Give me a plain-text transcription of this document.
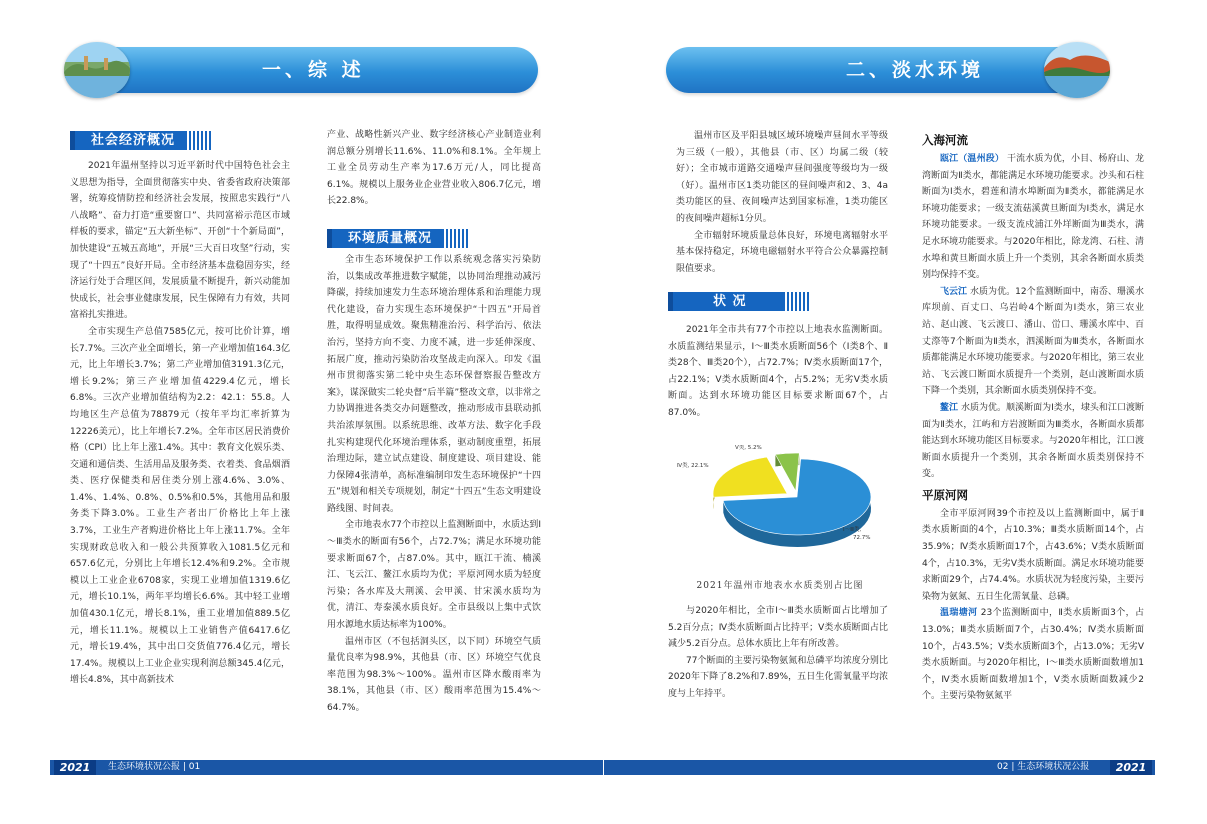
一、综 述
社会经济概况

2021年温州坚持以习近平新时代中国特色社会主义思想为指导，全面贯彻落实中央、省委省政府决策部署，统筹疫情防控和经济社会发展，按照忠实践行“八八战略”、奋力打造“重要窗口”、共同富裕示范区市域样板的要求，锚定“五大新坐标”、开创“十个新局面”，加快建设“五城五高地”，开展“三大百日攻坚”行动，实现了“十四五”良好开局。全市经济基本盘稳固夯实，经济运行处于合理区间，发展质量不断提升，新兴动能加快成长，社会事业健康发展，民生保障有力有效，共同富裕扎实推进。

全市实现生产总值7585亿元，按可比价计算，增长7.7%。三次产业全面增长，第一产业增加值164.3亿元，比上年增长3.7%；第二产业增加值3191.3亿元，增长9.2%；第三产业增加值4229.4亿元，增长6.8%。三次产业增加值结构为2.2：42.1：55.8。人均地区生产总值为78879元（按年平均汇率折算为12226美元），比上年增长7.2%。全年市区居民消费价格（CPI）比上年上涨1.4%。其中：教育文化娱乐类、交通和通信类、生活用品及服务类、衣着类、食品烟酒类、医疗保健类和居住类分别上涨4.6%、3.0%、1.4%、1.4%、0.8%、0.5%和0.5%，其他用品和服务类下降3.0%。工业生产者出厂价格比上年上涨3.7%，工业生产者购进价格比上年上涨11.7%。全年实现财政总收入和一般公共预算收入1081.5亿元和657.6亿元，分别比上年增长12.4%和9.2%。全市规模以上工业企业6708家，实现工业增加值1319.6亿元，增长10.1%，两年平均增长6.6%。其中轻工业增加值430.1亿元，增长8.1%，重工业增加值889.5亿元，增长11.1%。规模以上工业销售产值6417.6亿元，增长19.4%，其中出口交货值776.4亿元，增长17.4%。规模以上工业企业实现利润总额345.4亿元，增长4.8%，其中高新技术

产业、战略性新兴产业、数字经济核心产业制造业利润总额分别增长11.6%、11.0%和8.1%。全年规上工业全员劳动生产率为17.6万元/人，同比提高6.1%。规模以上服务业企业营业收入806.7亿元，增长22.8%。

全市生态环境保护工作以系统观念落实污染防治，以集成改革推进数字赋能，以协同治理推动减污降碳，持续加速发力生态环境治理体系和治理能力现代化建设，奋力实现生态环境保护“十四五”开局首胜，取得明显成效。聚焦精准治污、科学治污、依法治污，坚持方向不变、力度不减，进一步延伸深度、拓展广度，推动污染防治攻坚战走向深入。印发《温州市贯彻落实第二轮中央生态环保督察报告整改方案》，谋深做实二轮央督“后半篇”整改文章，以非常之力协调推进各类交办问题整改，推动形成市县联动抓共治浓厚氛围。以系统思维、改革方法、数字化手段扎实构建现代化环境治理体系，驱动制度重塑，拓展治理边际，建立试点建设、制度建设、项目建设、能力保障4张清单，高标准编制印发生态环境保护“十四五”规划和相关专项规划，制定“十四五”生态文明建设路线图、时间表。

全市地表水77个市控以上监测断面中，水质达到Ⅰ～Ⅲ类水的断面有56个，占72.7%；满足水环境功能要求断面67个，占87.0%。其中，瓯江干流、楠溪江、飞云江、鳌江水质均为优；平原河网水质为轻度污染；各水库及大荆溪、会甲溪、甘宋溪水质均为优，清江、寿泰溪水质良好。全市县级以上集中式饮用水源地水质达标率为100%。

温州市区（不包括洞头区，以下同）环境空气质量优良率为98.9%，其他县（市、区）环境空气优良率范围为98.3%～100%。温州市区降水酸雨率为38.1%，其他县（市、区）酸雨率范围为15.4%～64.7%。

环境质量概况
2021	生态环境状况公报 | 01
二、淡水环境

温州市区及平阳县城区域环境噪声昼间水平等级为三级（一般），其他县（市、区）均属二级（较好）；全市城市道路交通噪声昼间强度等级均为一级（好）。温州市区1类功能区的昼间噪声和2、3、4a类功能区的昼、夜间噪声达到国家标准，1类功能区的夜间噪声超标1分贝。

全市辐射环境质量总体良好，环境电离辐射水平基本保持稳定，环境电磁辐射水平符合公众暴露控制限值要求。

状 况

2021年全市共有77个市控以上地表水监测断面。水质监测结果显示，Ⅰ～Ⅲ类水质断面56个（Ⅰ类8个、Ⅱ类28个、Ⅲ类20个），占72.7%；Ⅳ类水质断面17个，占22.1%；Ⅴ类水质断面4个，占5.2%；无劣Ⅴ类水质断面。达到水环境功能区目标要求断面67个，占87.0%。

与2020年相比，全市Ⅰ～Ⅲ类水质断面占比增加了5.2百分点；Ⅳ类水质断面占比持平；Ⅴ类水质断面占比减少5.2百分点。总体水质比上年有所改善。

77个断面的主要污染物氨氮和总磷平均浓度分别比2020年下降了8.2%和7.89%，五日生化需氧量平均浓度与上年持平。

入海河流

瓯江（温州段） 干流水质为优，小目、杨府山、龙湾断面为Ⅱ类水，都能满足水环境功能要求。沙头和石柱断面为Ⅰ类水，碧莲和清水埠断面为Ⅱ类水，都能满足水环境功能要求；一级支流菇溪黄旦断面为Ⅰ类水，满足水环境功能要求。一级支流戍浦江外垟断面为Ⅲ类水，满足水环境功能要求。与2020年相比，除龙湾、石柱、清水埠和黄旦断面水质上升一个类别，其余各断面水质类别均保持不变。

飞云江 水质为优。12个监测断面中，南岙、珊溪水库坝前、百丈口、乌岩岭4个断面为Ⅰ类水，第三农业站、赵山渡、飞云渡口、潘山、峃口、珊溪水库中、百丈漈等7个断面为Ⅱ类水，泗溪断面为Ⅲ类水，各断面水质都能满足水环境功能要求。与2020年相比，第三农业站、飞云渡口断面水质提升一个类别，赵山渡断面水质下降一个类别，其余断面水质类别保持不变。

鳌江 水质为优。顺溪断面为Ⅰ类水，埭头和江口渡断面为Ⅱ类水，江屿和方岩渡断面为Ⅲ类水，各断面水质都能达到水环境功能区目标要求。与2020年相比，江口渡断面水质提升一个类别，其余各断面水质类别保持不变。

平原河网

全市平原河网39个市控及以上监测断面中，属于Ⅱ类水质断面的4个，占10.3%；Ⅲ类水质断面14个，占35.9%；Ⅳ类水质断面17个，占43.6%；Ⅴ类水质断面4个，占10.3%，无劣Ⅴ类水质断面。满足水环境功能要求断面29个，占74.4%。水质状况为轻度污染，主要污染物为氨氮、五日生化需氧量、总磷。

温瑞塘河 23个监测断面中，Ⅱ类水质断面3个，占13.0%；Ⅲ类水质断面7个，占30.4%；Ⅳ类水质断面10个，占43.5%；Ⅴ类水质断面3个，占13.0%；无劣Ⅴ类水质断面。与2020年相比，Ⅰ～Ⅲ类水质断面数增加1个，Ⅳ类水质断面数增加1个，Ⅴ类水质断面数减少2个。主要污染物氨氮平

02 | 生态环境状况公报	2021
Ⅰ～Ⅲ类, 72.7%
Ⅳ类, 22.1%
Ⅴ类, 5.2%
2021年温州市地表水水质类别占比图
